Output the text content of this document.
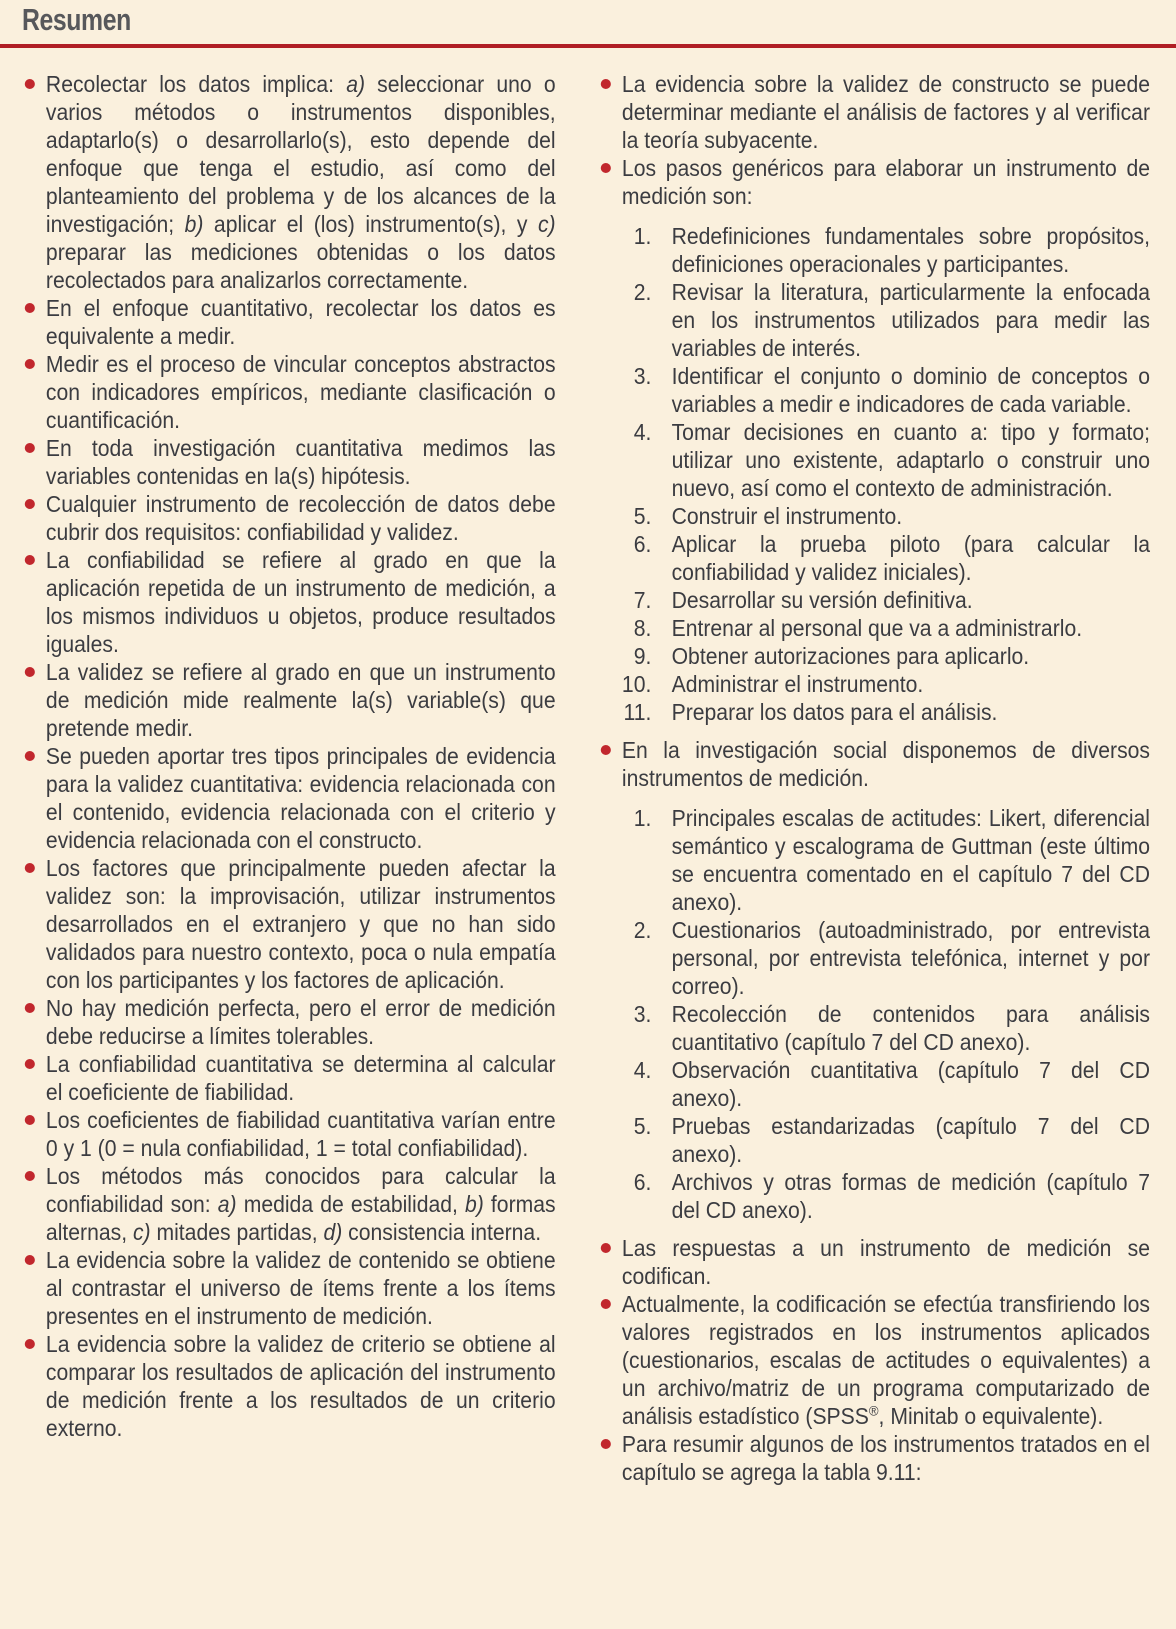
Resumen
Recolectar los datos implica: a) seleccionar uno o varios métodos o instrumentos disponibles, adaptarlo(s) o desarrollarlo(s), esto depende del enfoque que tenga el estudio, así como del planteamiento del problema y de los alcances de la investigación; b) aplicar el (los) instrumento(s), y c) preparar las mediciones obtenidas o los datos recolectados para analizarlos correctamente.
En el enfoque cuantitativo, recolectar los datos es equivalente a medir.
Medir es el proceso de vincular conceptos abstractos con indicadores empíricos, mediante clasificación o cuantificación.
En toda investigación cuantitativa medimos las variables contenidas en la(s) hipótesis.
Cualquier instrumento de recolección de datos debe cubrir dos requisitos: confiabilidad y validez.
La confiabilidad se refiere al grado en que la aplicación repetida de un instrumento de medición, a los mismos individuos u objetos, produce resultados iguales.
La validez se refiere al grado en que un instrumento de medición mide realmente la(s) variable(s) que pretende medir.
Se pueden aportar tres tipos principales de evidencia para la validez cuantitativa: evidencia relacionada con el contenido, evidencia relacionada con el criterio y evidencia relacionada con el constructo.
Los factores que principalmente pueden afectar la validez son: la improvisación, utilizar instrumentos desarrollados en el extranjero y que no han sido validados para nuestro contexto, poca o nula empatía con los participantes y los factores de aplicación.
No hay medición perfecta, pero el error de medición debe reducirse a límites tolerables.
La confiabilidad cuantitativa se determina al calcular el coeficiente de fiabilidad.
Los coeficientes de fiabilidad cuantitativa varían entre 0 y 1 (0 = nula confiabilidad, 1 = total confiabilidad).
Los métodos más conocidos para calcular la confiabilidad son: a) medida de estabilidad, b) formas alternas, c) mitades partidas, d) consistencia interna.
La evidencia sobre la validez de contenido se obtiene al contrastar el universo de ítems frente a los ítems presentes en el instrumento de medición.
La evidencia sobre la validez de criterio se obtiene al comparar los resultados de aplicación del instrumento de medición frente a los resultados de un criterio externo.
La evidencia sobre la validez de constructo se puede determinar mediante el análisis de factores y al verificar la teoría subyacente.
Los pasos genéricos para elaborar un instrumento de medición son:
1. Redefiniciones fundamentales sobre propósitos, definiciones operacionales y participantes.
2. Revisar la literatura, particularmente la enfocada en los instrumentos utilizados para medir las variables de interés.
3. Identificar el conjunto o dominio de conceptos o variables a medir e indicadores de cada variable.
4. Tomar decisiones en cuanto a: tipo y formato; utilizar uno existente, adaptarlo o construir uno nuevo, así como el contexto de administración.
5. Construir el instrumento.
6. Aplicar la prueba piloto (para calcular la confiabilidad y validez iniciales).
7. Desarrollar su versión definitiva.
8. Entrenar al personal que va a administrarlo.
9. Obtener autorizaciones para aplicarlo.
10. Administrar el instrumento.
11. Preparar los datos para el análisis.
En la investigación social disponemos de diversos instrumentos de medición.
1. Principales escalas de actitudes: Likert, diferencial semántico y escalograma de Guttman (este último se encuentra comentado en el capítulo 7 del CD anexo).
2. Cuestionarios (autoadministrado, por entrevista personal, por entrevista telefónica, internet y por correo).
3. Recolección de contenidos para análisis cuantitativo (capítulo 7 del CD anexo).
4. Observación cuantitativa (capítulo 7 del CD anexo).
5. Pruebas estandarizadas (capítulo 7 del CD anexo).
6. Archivos y otras formas de medición (capítulo 7 del CD anexo).
Las respuestas a un instrumento de medición se codifican.
Actualmente, la codificación se efectúa transfiriendo los valores registrados en los instrumentos aplicados (cuestionarios, escalas de actitudes o equivalentes) a un archivo/matriz de un programa computarizado de análisis estadístico (SPSS®, Minitab o equivalente).
Para resumir algunos de los instrumentos tratados en el capítulo se agrega la tabla 9.11:
